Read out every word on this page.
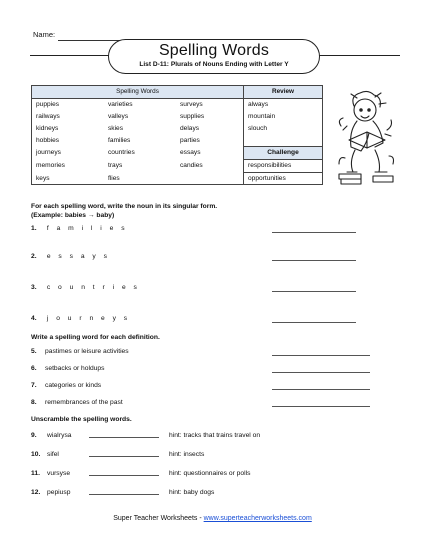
Name:
Spelling Words
List D-11: Plurals of Nouns Ending with Letter Y
Spelling Words			Review
puppies	varieties	surveys	always
railways	valleys	supplies	mountain
kidneys	skies	delays	slouch
hobbies	families	parties	
journeys	countries	essays	Challenge
memories	trays	candies	responsibilities
keys	flies		opportunities
For each spelling word, write the noun in its singular form.
(Example: babies → baby)
1. f a m i l i e s
2. e s s a y s
3. c o u n t r i e s
4. j o u r n e y s
Write a spelling word for each definition.
5. pastimes or leisure activities
6. setbacks or holdups
7. categories or kinds
8. remembrances of the past
Unscramble the spelling words.
9. wiaIrysa	hint: tracks that trains travel on
10. sifel	hint: insects
11. vursyse	hint: questionnaires or polls
12. pepiusp	hint: baby dogs
Super Teacher Worksheets - www.superteacherworksheets.com
